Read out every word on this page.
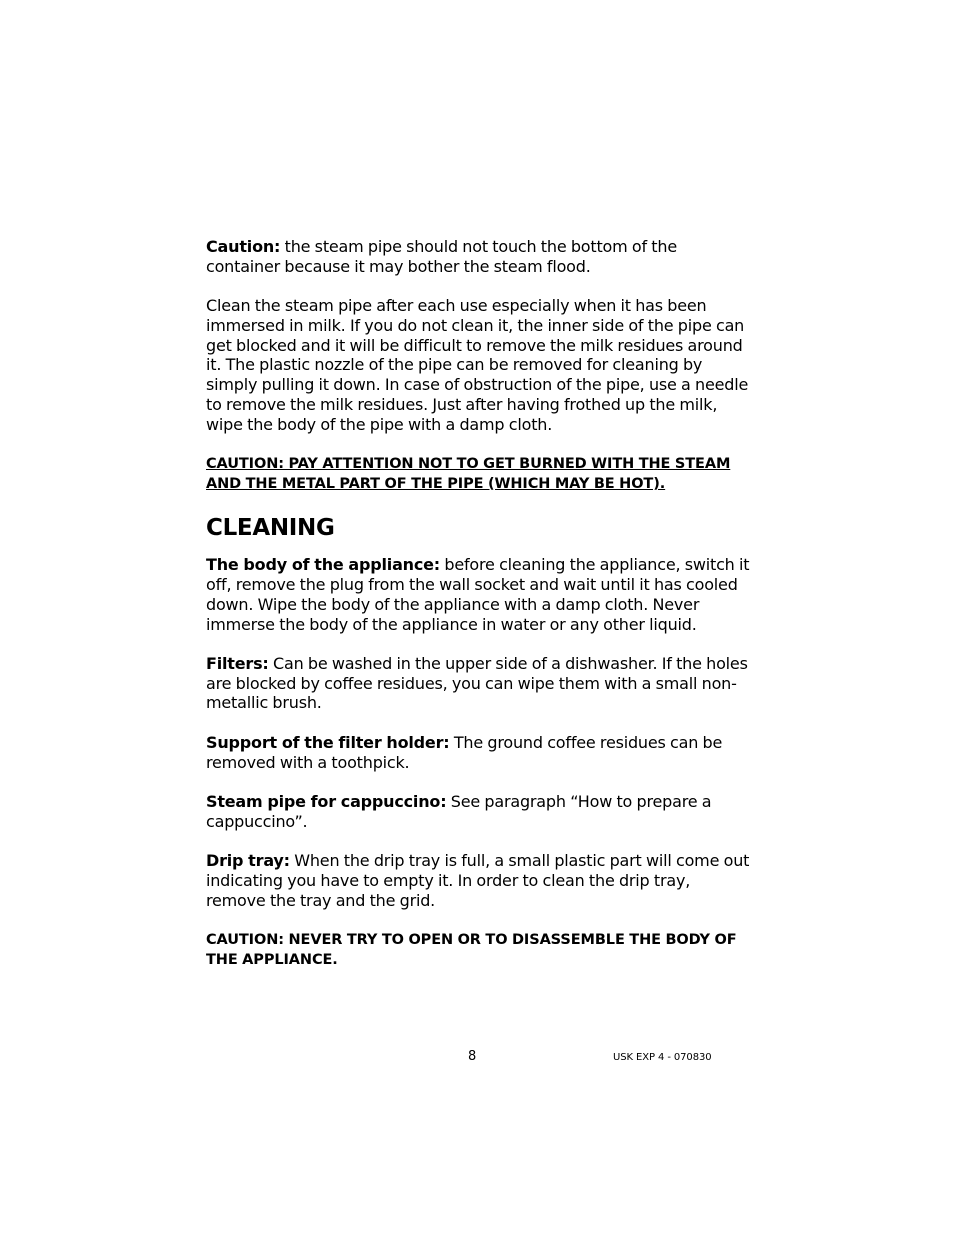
Caution: the steam pipe should not touch the bottom of the container because it may bother the steam flood.

Clean the steam pipe after each use especially when it has been immersed in milk. If you do not clean it, the inner side of the pipe can get blocked and it will be difficult to remove the milk residues around it. The plastic nozzle of the pipe can be removed for cleaning by simply pulling it down. In case of obstruction of the pipe, use a needle to remove the milk residues. Just after having frothed up the milk, wipe the body of the pipe with a damp cloth.

CAUTION: PAY ATTENTION NOT TO GET BURNED WITH THE STEAM AND THE METAL PART OF THE PIPE (WHICH MAY BE HOT).

CLEANING

The body of the appliance: before cleaning the appliance, switch it off, remove the plug from the wall socket and wait until it has cooled down. Wipe the body of the appliance with a damp cloth. Never immerse the body of the appliance in water or any other liquid.

Filters: Can be washed in the upper side of a dishwasher. If the holes are blocked by coffee residues, you can wipe them with a small non-metallic brush.

Support of the filter holder: The ground coffee residues can be removed with a toothpick.

Steam pipe for cappuccino: See paragraph “How to prepare a cappuccino”.

Drip tray: When the drip tray is full, a small plastic part will come out indicating you have to empty it. In order to clean the drip tray, remove the tray and the grid.

CAUTION: NEVER TRY TO OPEN OR TO DISASSEMBLE THE BODY OF THE APPLIANCE.

8	USK EXP 4 - 070830
